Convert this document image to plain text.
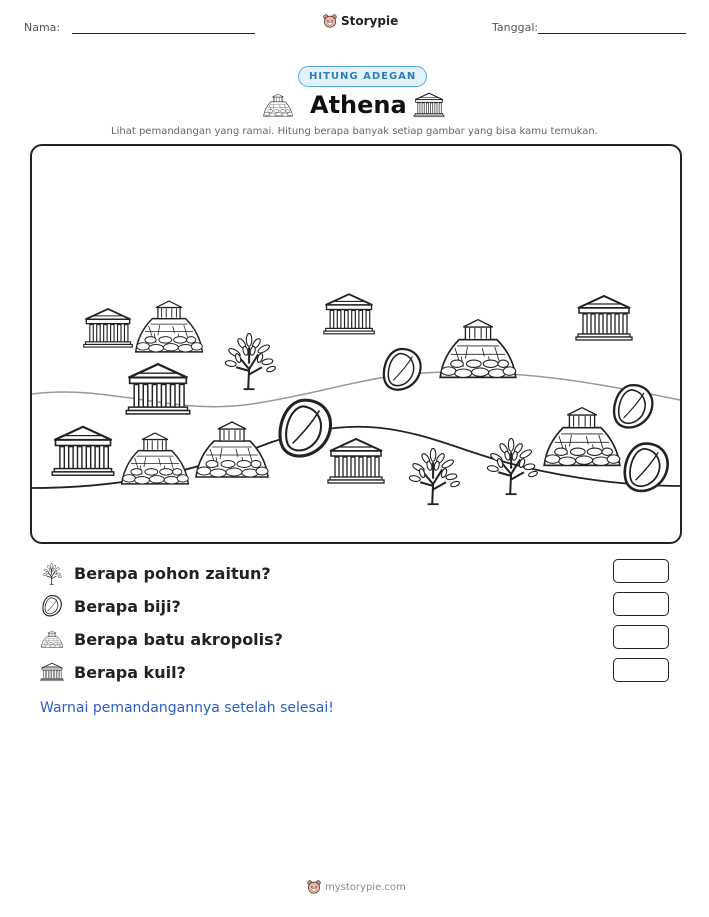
Nama:	Storypie	Tanggal:
HITUNG ADEGAN
Athena
Lihat pemandangan yang ramai. Hitung berapa banyak setiap gambar yang bisa kamu temukan.
Berapa pohon zaitun?
Berapa biji?
Berapa batu akropolis?
Berapa kuil?
Warnai pemandangannya setelah selesai!
mystorypie.com
